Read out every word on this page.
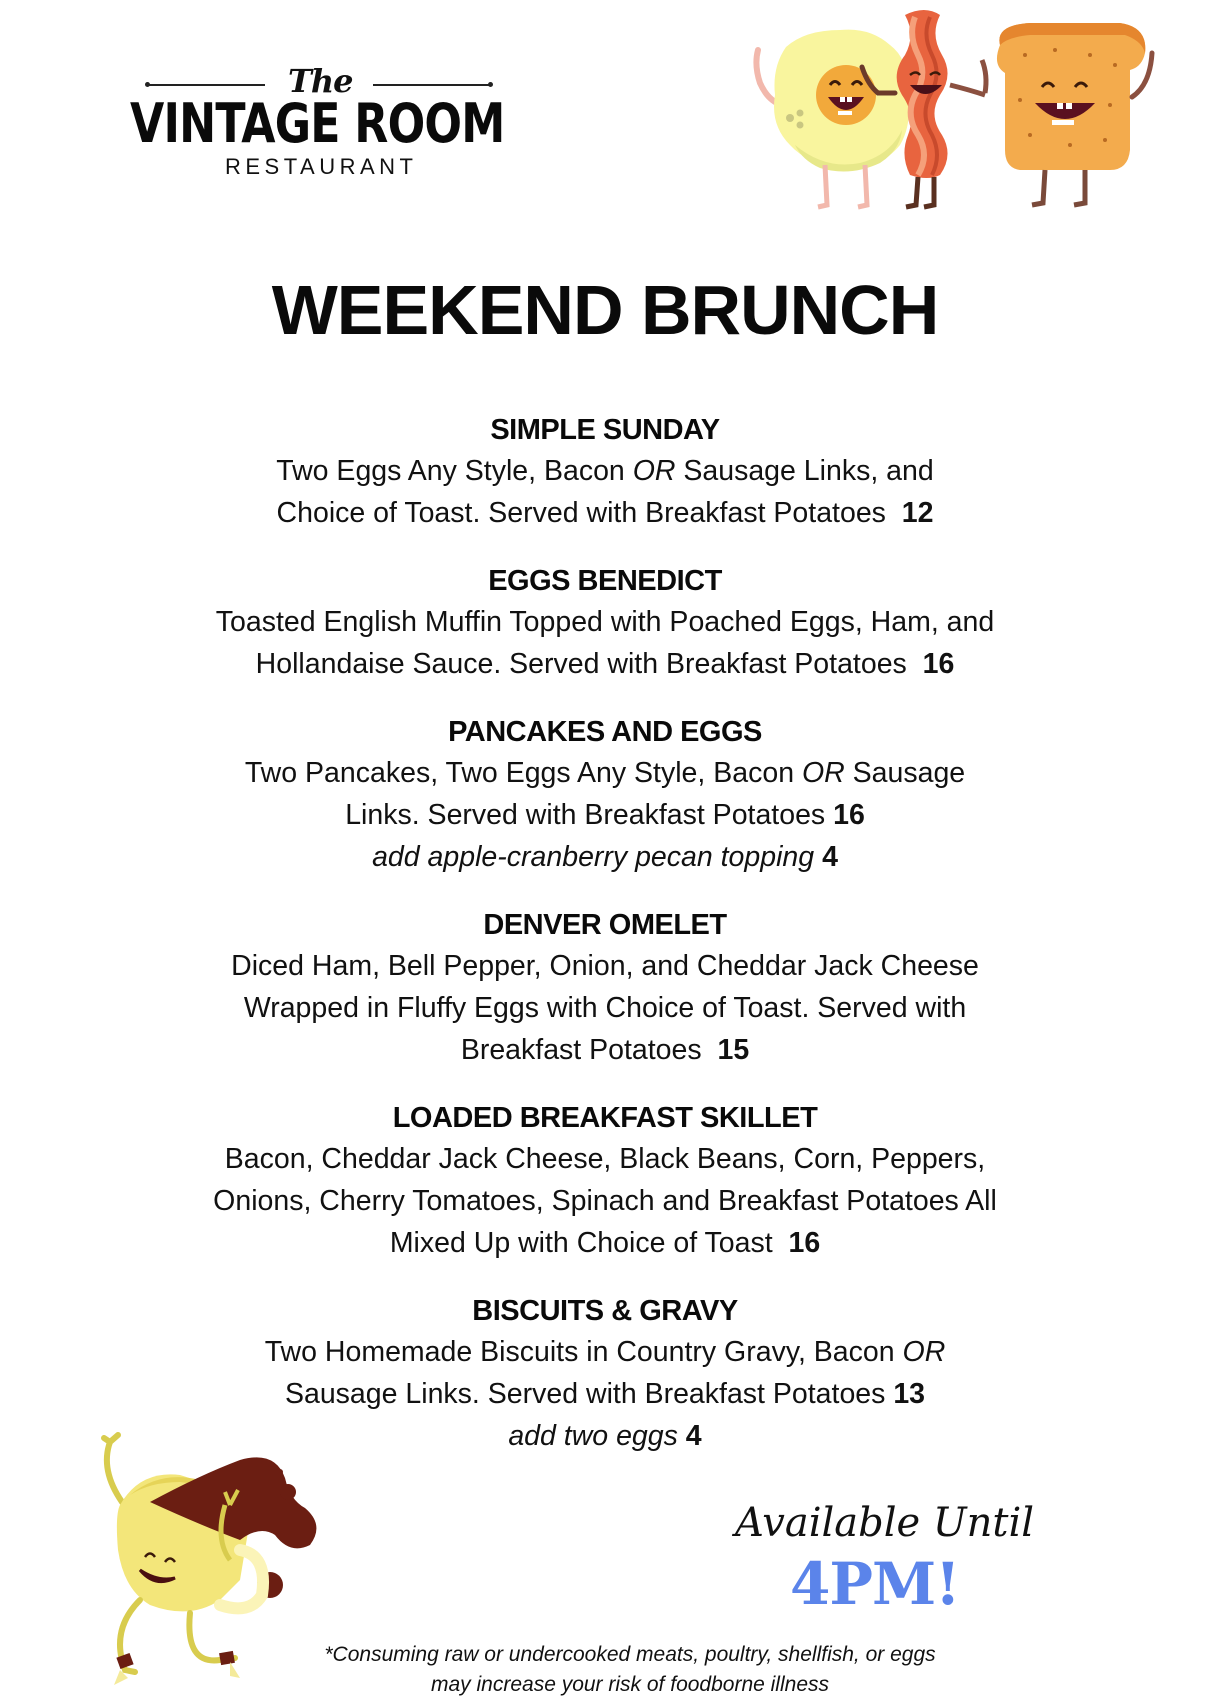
The
VINTAGE ROOM
RESTAURANT
WEEKEND BRUNCH
SIMPLE SUNDAY
Two Eggs Any Style, Bacon OR Sausage Links, and
Choice of Toast. Served with Breakfast Potatoes  12
EGGS BENEDICT
Toasted English Muffin Topped with Poached Eggs, Ham, and
Hollandaise Sauce. Served with Breakfast Potatoes  16
PANCAKES AND EGGS
Two Pancakes, Two Eggs Any Style, Bacon OR Sausage
Links. Served with Breakfast Potatoes 16
add apple-cranberry pecan topping 4
DENVER OMELET
Diced Ham, Bell Pepper, Onion, and Cheddar Jack Cheese
Wrapped in Fluffy Eggs with Choice of Toast. Served with
Breakfast Potatoes  15
LOADED BREAKFAST SKILLET
Bacon, Cheddar Jack Cheese, Black Beans, Corn, Peppers,
Onions, Cherry Tomatoes, Spinach and Breakfast Potatoes All
Mixed Up with Choice of Toast  16
BISCUITS & GRAVY
Two Homemade Biscuits in Country Gravy, Bacon OR
Sausage Links. Served with Breakfast Potatoes 13
add two eggs 4
Available Until
4PM!
*Consuming raw or undercooked meats, poultry, shellfish, or eggs
may increase your risk of foodborne illness
